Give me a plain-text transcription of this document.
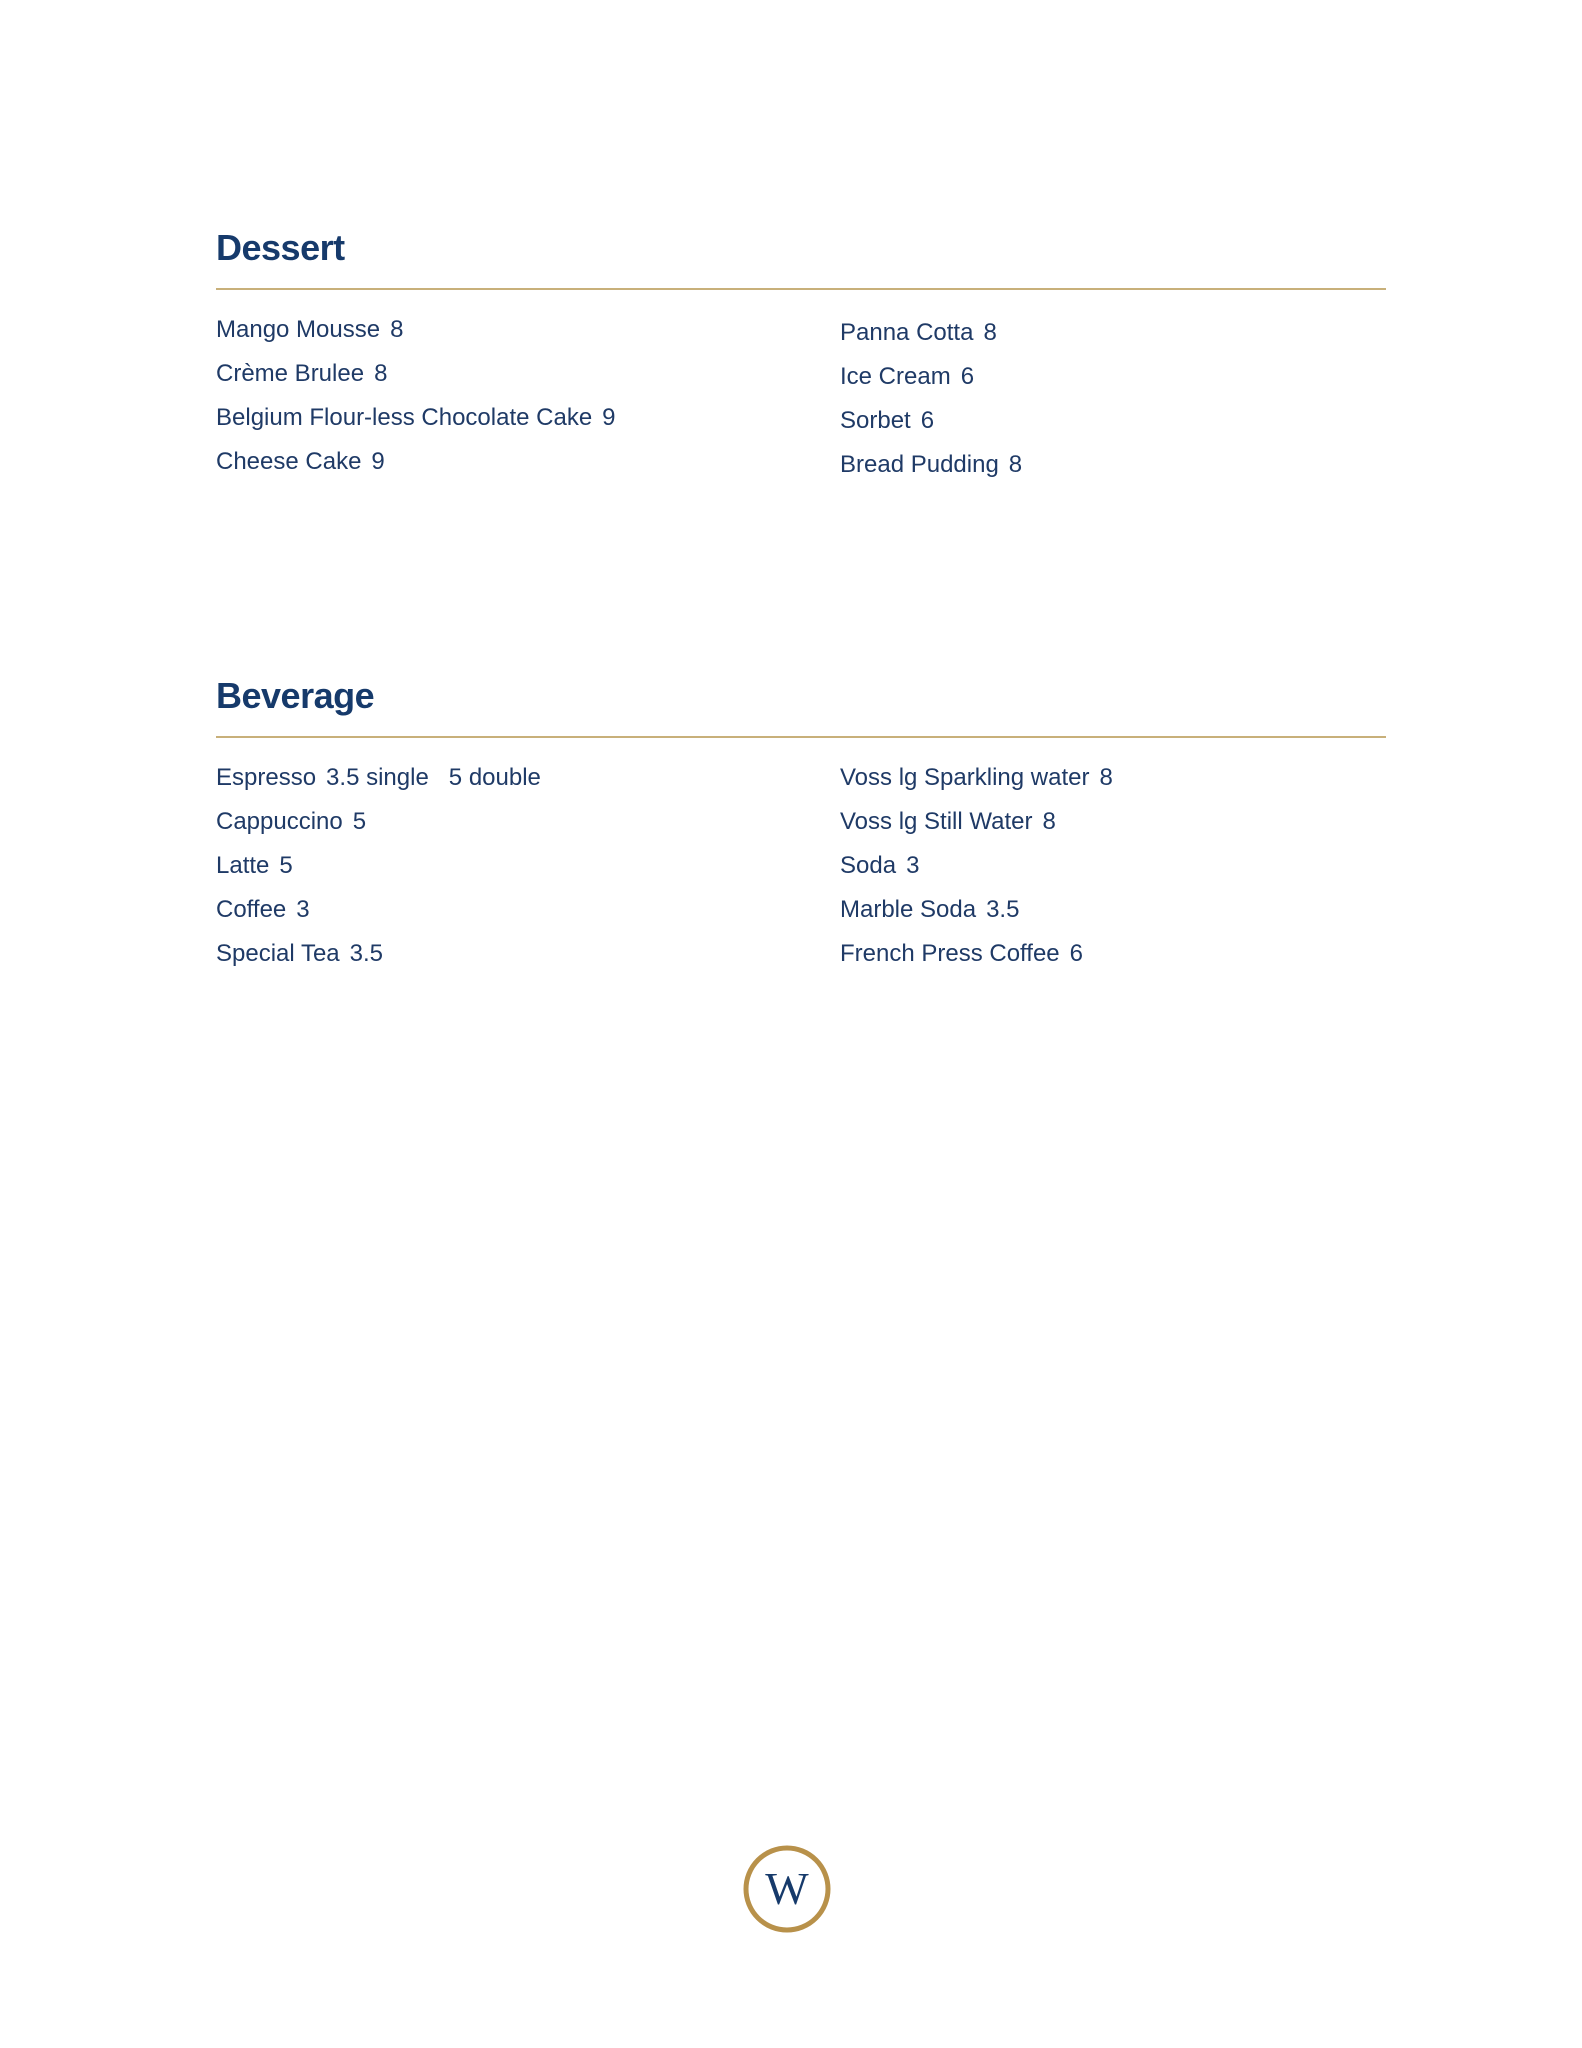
Dessert
Mango Mousse 8
Crème Brulee 8
Belgium Flour-less Chocolate Cake 9
Cheese Cake 9
Panna Cotta 8
Ice Cream 6
Sorbet 6
Bread Pudding 8
Beverage
Espresso 3.5 single 5 double
Cappuccino 5
Latte 5
Coffee 3
Special Tea 3.5
Voss lg Sparkling water 8
Voss lg Still Water 8
Soda 3
Marble Soda 3.5
French Press Coffee 6
W
